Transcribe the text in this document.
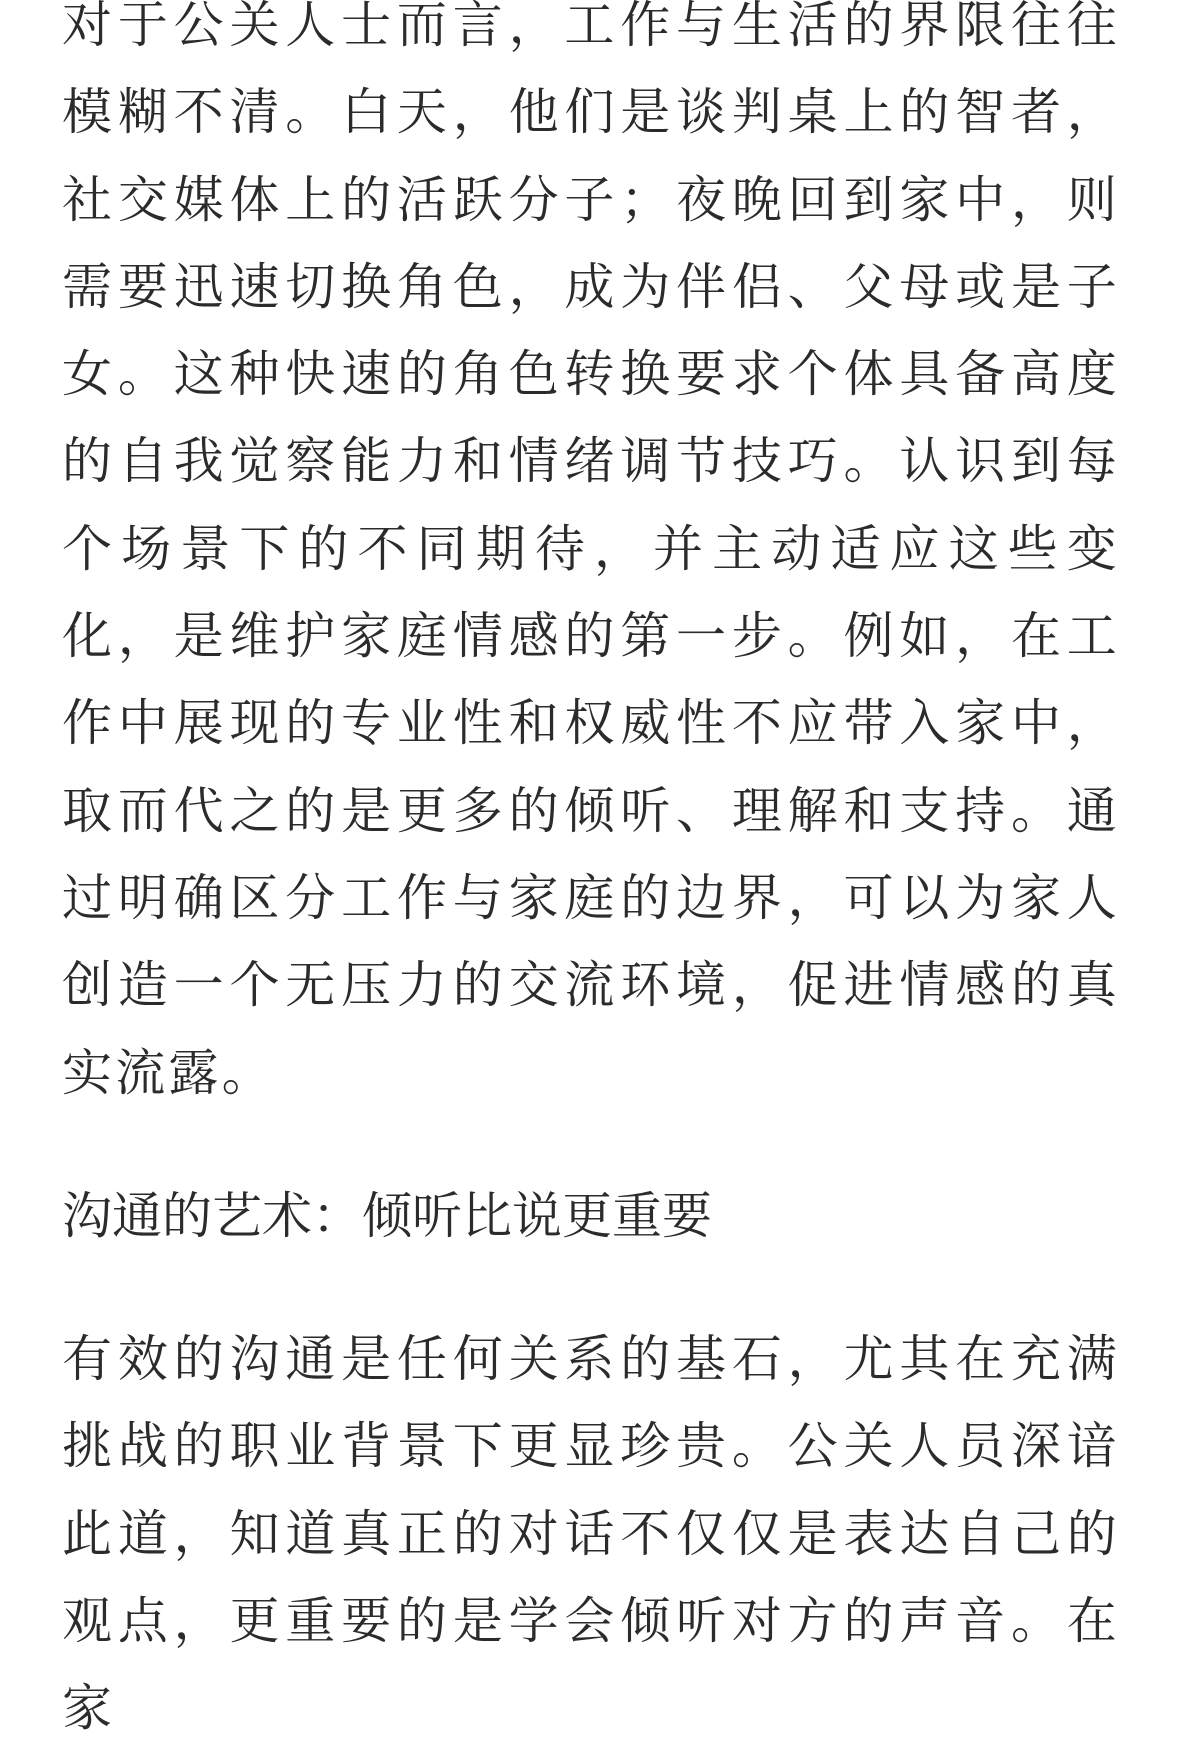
对于公关人士而言，工作与生活的界限往往模糊不清。白天，他们是谈判桌上的智者，社交媒体上的活跃分子；夜晚回到家中，则需要迅速切换角色，成为伴侣、父母或是子女。这种快速的角色转换要求个体具备高度的自我觉察能力和情绪调节技巧。认识到每个场景下的不同期待，并主动适应这些变化，是维护家庭情感的第一步。例如，在工作中展现的专业性和权威性不应带入家中，取而代之的是更多的倾听、理解和支持。通过明确区分工作与家庭的边界，可以为家人创造一个无压力的交流环境，促进情感的真实流露。

沟通的艺术：倾听比说更重要

有效的沟通是任何关系的基石，尤其在充满挑战的职业背景下更显珍贵。公关人员深谙此道，知道真正的对话不仅仅是表达自己的观点，更重要的是学会倾听对方的声音。在家
